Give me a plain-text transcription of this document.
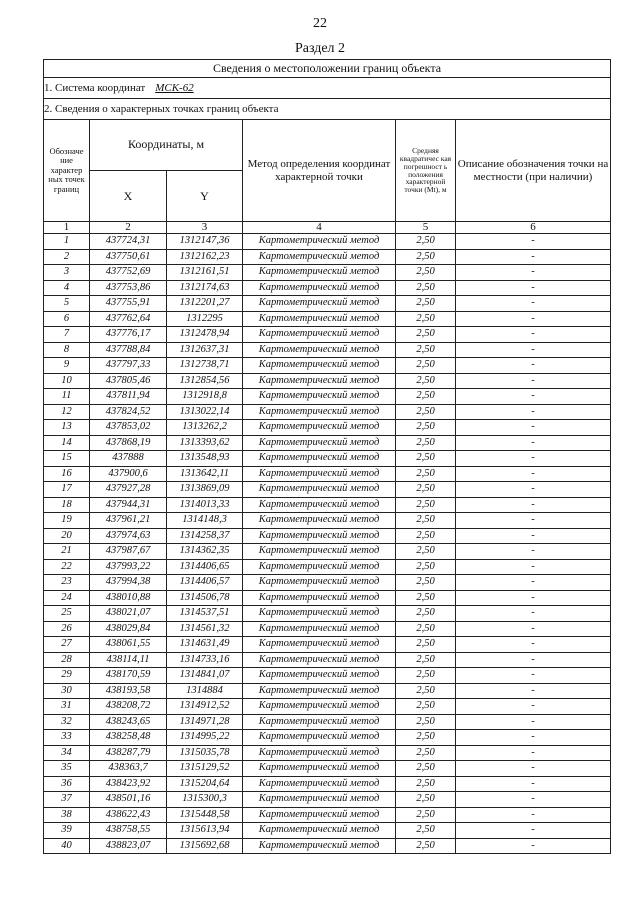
22
Раздел 2
Сведения о местоположении границ объекта					
1. Система координат МСК-62					
2. Сведения о характерных точках границ объекта					
Обозначе ние характер ных точек границ	Координаты, м		Метод определения координат характерной точки	Средняя квадратичес кая погрешност ь положения характерной точки (Mt), м	Описание обозначения точки на местности (при наличии)
	X	Y			
1	2	3	4	5	6
1	437724,31	1312147,36	Картометрический метод	2,50	-
2	437750,61	1312162,23	Картометрический метод	2,50	-
3	437752,69	1312161,51	Картометрический метод	2,50	-
4	437753,86	1312174,63	Картометрический метод	2,50	-
5	437755,91	1312201,27	Картометрический метод	2,50	-
6	437762,64	1312295	Картометрический метод	2,50	-
7	437776,17	1312478,94	Картометрический метод	2,50	-
8	437788,84	1312637,31	Картометрический метод	2,50	-
9	437797,33	1312738,71	Картометрический метод	2,50	-
10	437805,46	1312854,56	Картометрический метод	2,50	-
11	437811,94	1312918,8	Картометрический метод	2,50	-
12	437824,52	1313022,14	Картометрический метод	2,50	-
13	437853,02	1313262,2	Картометрический метод	2,50	-
14	437868,19	1313393,62	Картометрический метод	2,50	-
15	437888	1313548,93	Картометрический метод	2,50	-
16	437900,6	1313642,11	Картометрический метод	2,50	-
17	437927,28	1313869,09	Картометрический метод	2,50	-
18	437944,31	1314013,33	Картометрический метод	2,50	-
19	437961,21	1314148,3	Картометрический метод	2,50	-
20	437974,63	1314258,37	Картометрический метод	2,50	-
21	437987,67	1314362,35	Картометрический метод	2,50	-
22	437993,22	1314406,65	Картометрический метод	2,50	-
23	437994,38	1314406,57	Картометрический метод	2,50	-
24	438010,88	1314506,78	Картометрический метод	2,50	-
25	438021,07	1314537,51	Картометрический метод	2,50	-
26	438029,84	1314561,32	Картометрический метод	2,50	-
27	438061,55	1314631,49	Картометрический метод	2,50	-
28	438114,11	1314733,16	Картометрический метод	2,50	-
29	438170,59	1314841,07	Картометрический метод	2,50	-
30	438193,58	1314884	Картометрический метод	2,50	-
31	438208,72	1314912,52	Картометрический метод	2,50	-
32	438243,65	1314971,28	Картометрический метод	2,50	-
33	438258,48	1314995,22	Картометрический метод	2,50	-
34	438287,79	1315035,78	Картометрический метод	2,50	-
35	438363,7	1315129,52	Картометрический метод	2,50	-
36	438423,92	1315204,64	Картометрический метод	2,50	-
37	438501,16	1315300,3	Картометрический метод	2,50	-
38	438622,43	1315448,58	Картометрический метод	2,50	-
39	438758,55	1315613,94	Картометрический метод	2,50	-
40	438823,07	1315692,68	Картометрический метод	2,50	-
